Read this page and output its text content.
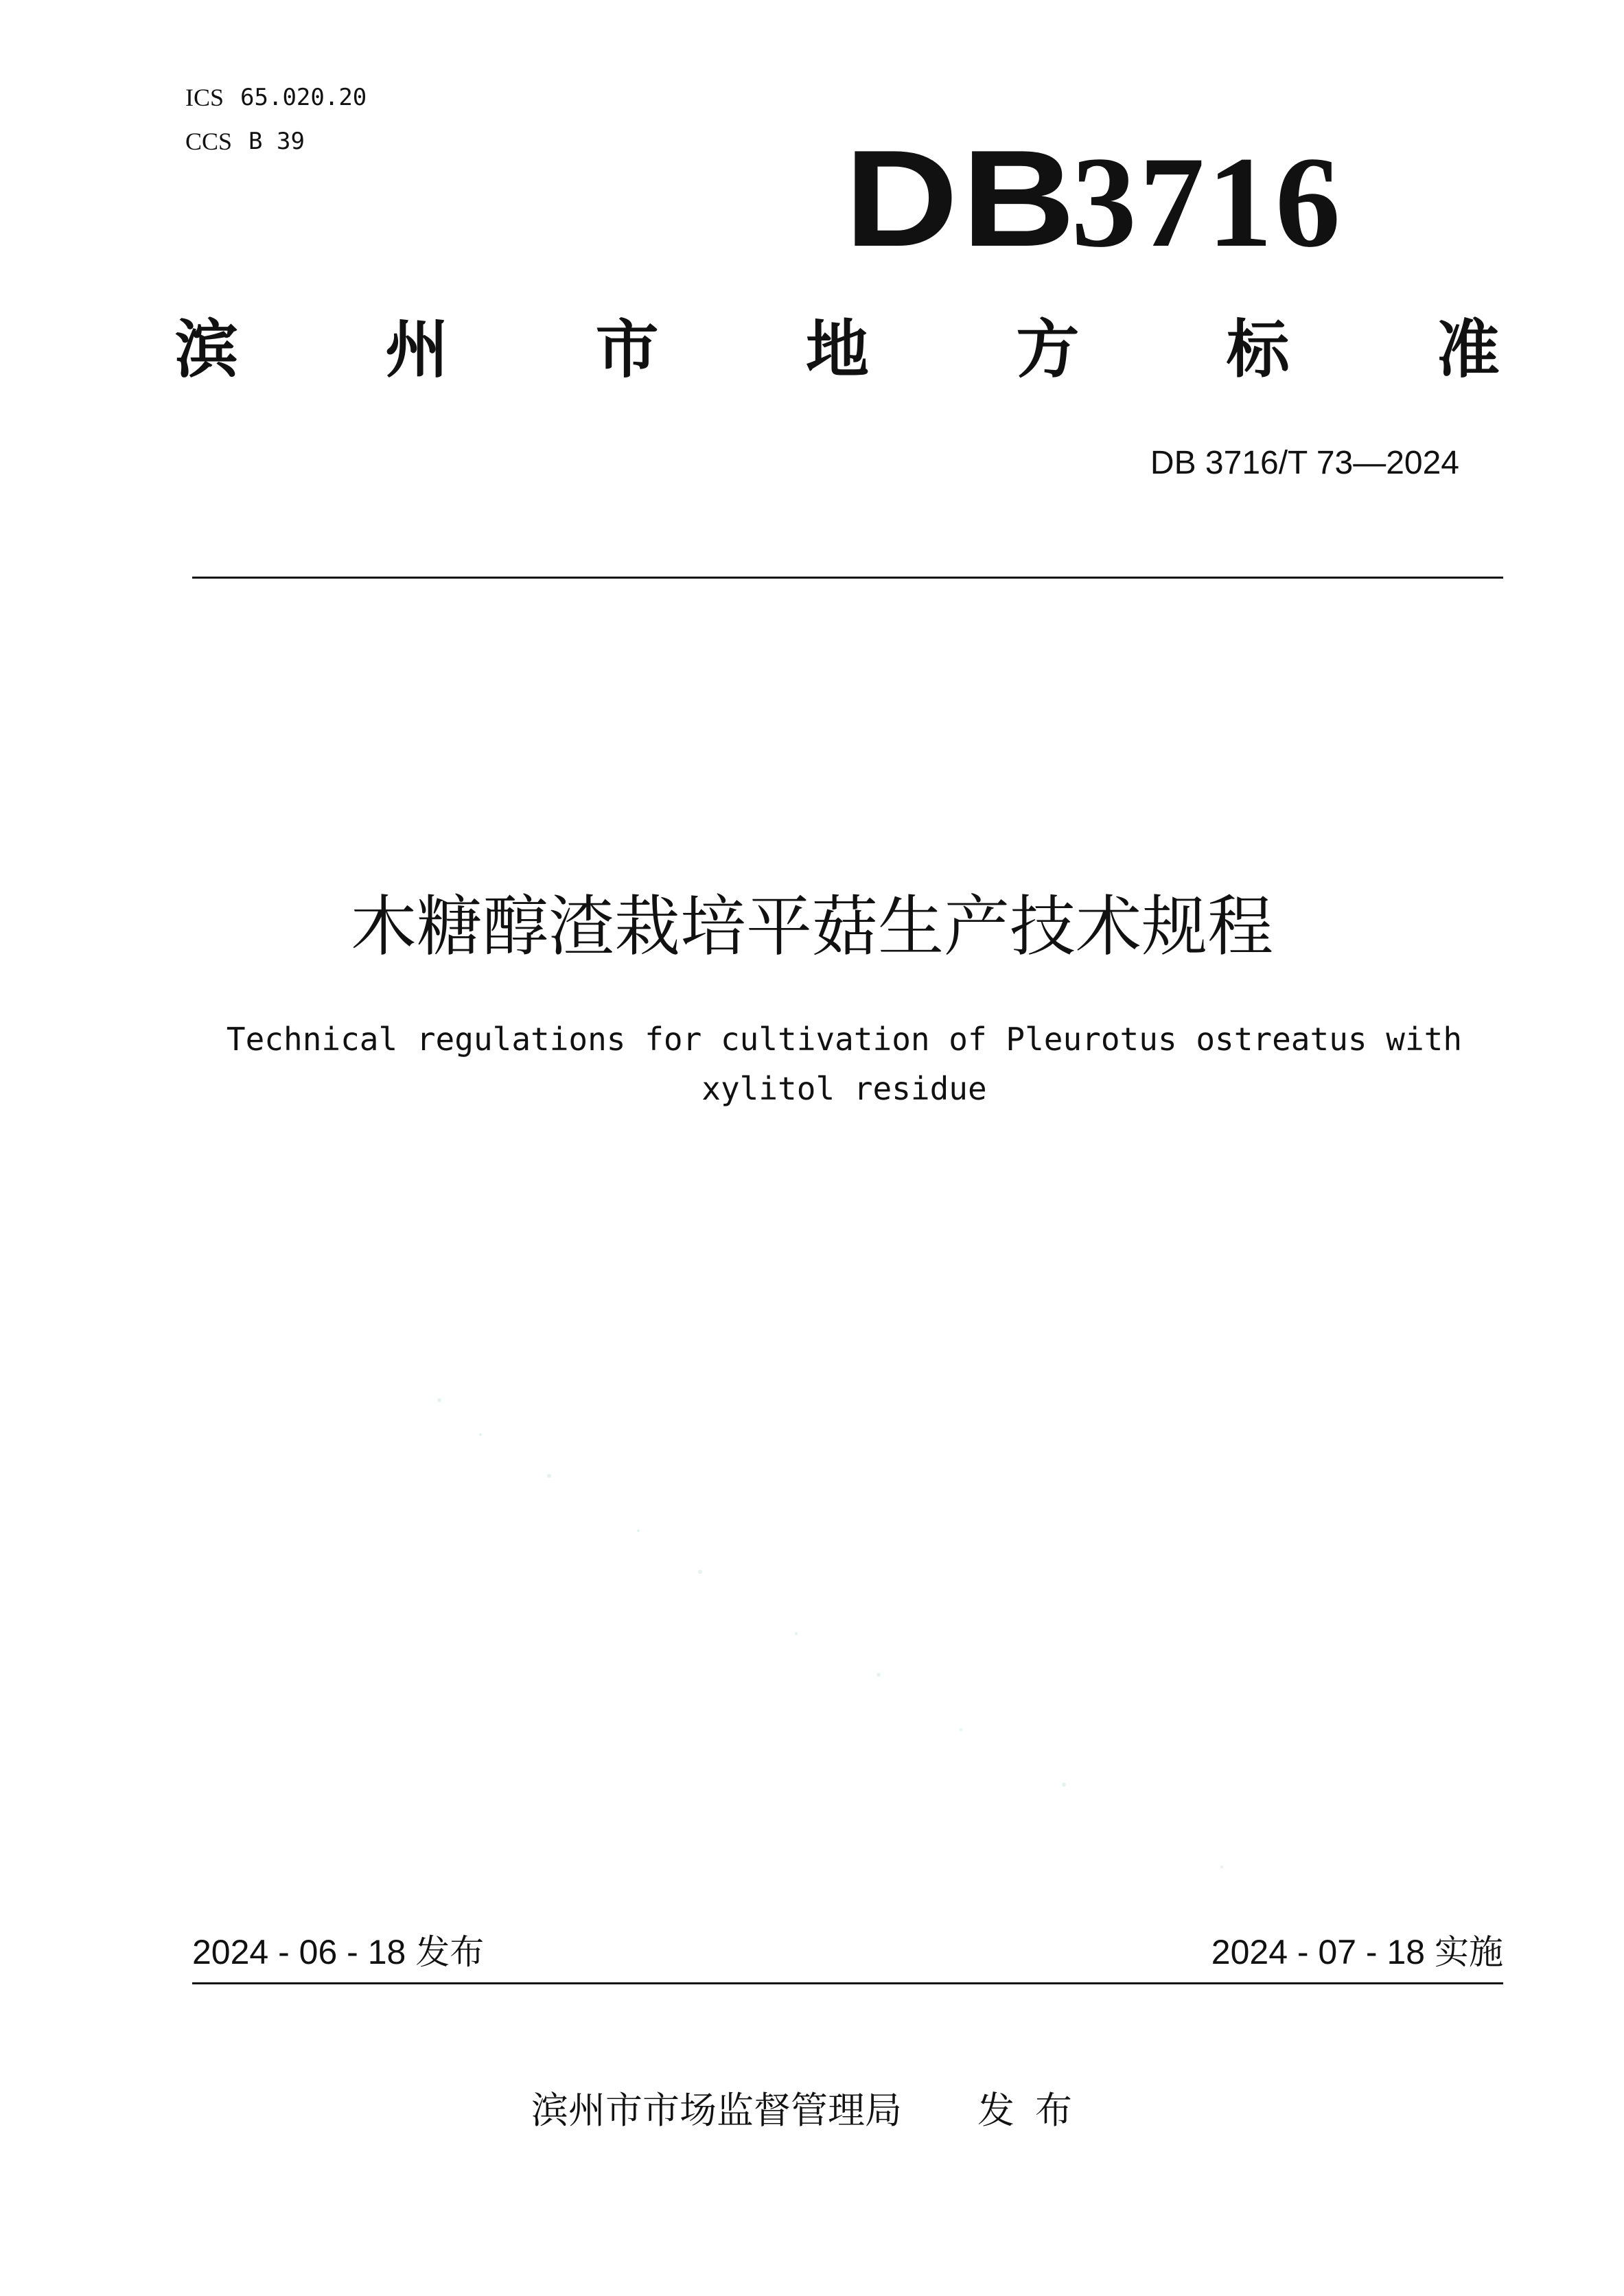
ICS 65.020.20
CCS B 39	DB3716
滨 州 市 地 方 标 准
DB 3716/T 73—2024
木糖醇渣栽培平菇生产技术规程
Technical regulations for cultivation of Pleurotus ostreatus with
xylitol residue
2024 - 06 - 18 发布	2024 - 07 - 18 实施
滨州市市场监督管理局 发布
